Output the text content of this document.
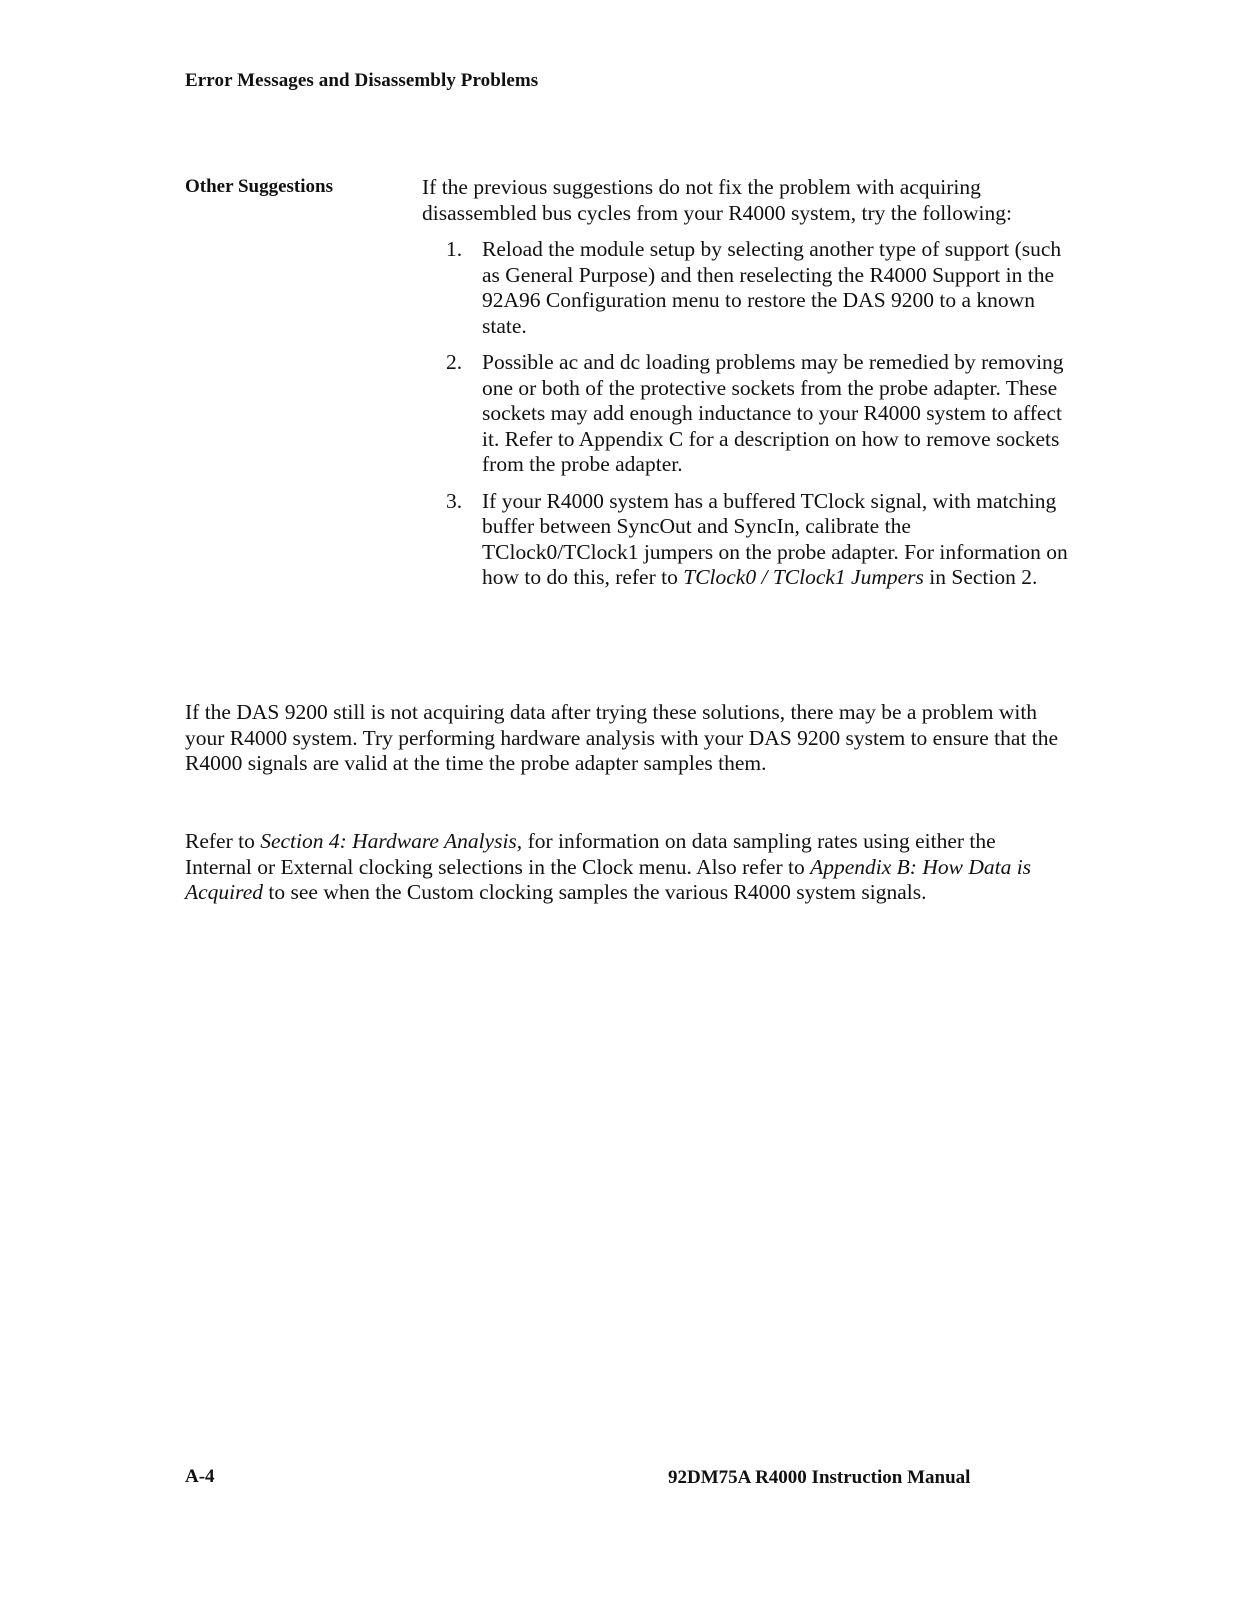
Error Messages and Disassembly Problems
Other Suggestions	If the previous suggestions do not fix the problem with acquiring disassembled bus cycles from your R4000 system, try the following:

1. Reload the module setup by selecting another type of support (such as General Purpose) and then reselecting the R4000 Support in the 92A96 Configuration menu to restore the DAS 9200 to a known state.
2. Possible ac and dc loading problems may be remedied by removing one or both of the protective sockets from the probe adapter. These sockets may add enough inductance to your R4000 system to affect it. Refer to Appendix C for a description on how to remove sockets from the probe adapter.
3. If your R4000 system has a buffered TClock signal, with matching buffer between SyncOut and SyncIn, calibrate the TClock0/TClock1 jumpers on the probe adapter. For information on how to do this, refer to TClock0 / TClock1 Jumpers in Section 2.

If the DAS 9200 still is not acquiring data after trying these solutions, there may be a problem with your R4000 system. Try performing hardware analysis with your DAS 9200 system to ensure that the R4000 signals are valid at the time the probe adapter samples them.

Refer to Section 4: Hardware Analysis, for information on data sampling rates using either the Internal or External clocking selections in the Clock menu. Also refer to Appendix B: How Data is Acquired to see when the Custom clocking samples the various R4000 system signals.

A-4	92DM75A R4000 Instruction Manual
